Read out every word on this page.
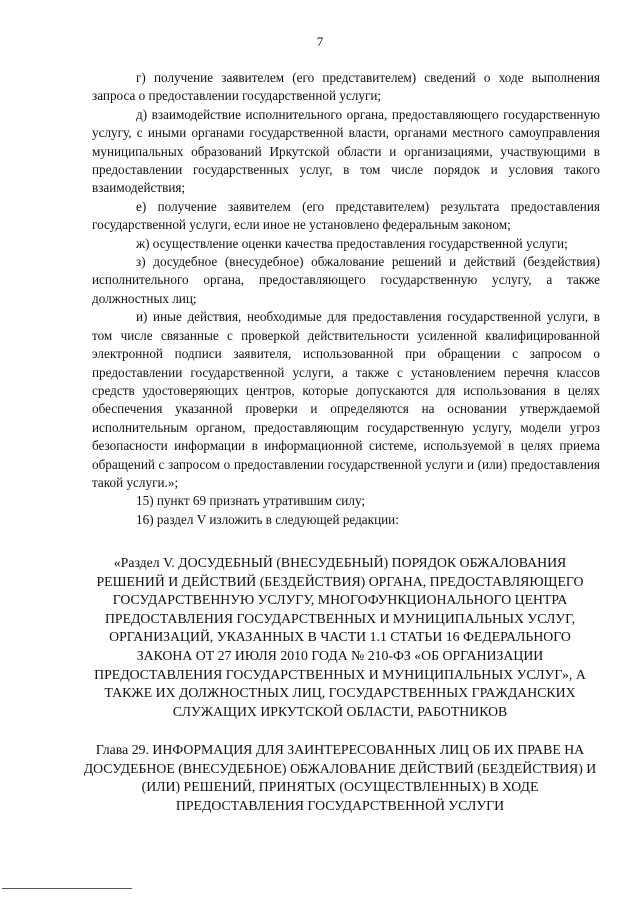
7

г) получение заявителем (его представителем) сведений о ходе выполнения запроса о предоставлении государственной услуги;

д) взаимодействие исполнительного органа, предоставляющего государственную услугу, с иными органами государственной власти, органами местного самоуправления муниципальных образований Иркутской области и организациями, участвующими в предоставлении государственных услуг, в том числе порядок и условия такого взаимодействия;

е) получение заявителем (его представителем) результата предоставления государственной услуги, если иное не установлено федеральным законом;

ж) осуществление оценки качества предоставления государственной услуги;

з) досудебное (внесудебное) обжалование решений и действий (бездействия) исполнительного органа, предоставляющего государственную услугу, а также должностных лиц;

и) иные действия, необходимые для предоставления государственной услуги, в том числе связанные с проверкой действительности усиленной квалифицированной электронной подписи заявителя, использованной при обращении с запросом о предоставлении государственной услуги, а также с установлением перечня классов средств удостоверяющих центров, которые допускаются для использования в целях обеспечения указанной проверки и определяются на основании утверждаемой исполнительным органом, предоставляющим государственную услугу, модели угроз безопасности информации в информационной системе, используемой в целях приема обращений с запросом о предоставлении государственной услуги и (или) предоставления такой услуги.»;

15) пункт 69 признать утратившим силу;

16) раздел V изложить в следующей редакции:

«Раздел V. ДОСУДЕБНЫЙ (ВНЕСУДЕБНЫЙ) ПОРЯДОК ОБЖАЛОВАНИЯ РЕШЕНИЙ И ДЕЙСТВИЙ (БЕЗДЕЙСТВИЯ) ОРГАНА, ПРЕДОСТАВЛЯЮЩЕГО ГОСУДАРСТВЕННУЮ УСЛУГУ, МНОГОФУНКЦИОНАЛЬНОГО ЦЕНТРА ПРЕДОСТАВЛЕНИЯ ГОСУДАРСТВЕННЫХ И МУНИЦИПАЛЬНЫХ УСЛУГ, ОРГАНИЗАЦИЙ, УКАЗАННЫХ В ЧАСТИ 1.1 СТАТЬИ 16 ФЕДЕРАЛЬНОГО ЗАКОНА ОТ 27 ИЮЛЯ 2010 ГОДА № 210-ФЗ «ОБ ОРГАНИЗАЦИИ ПРЕДОСТАВЛЕНИЯ ГОСУДАРСТВЕННЫХ И МУНИЦИПАЛЬНЫХ УСЛУГ», А ТАКЖЕ ИХ ДОЛЖНОСТНЫХ ЛИЦ, ГОСУДАРСТВЕННЫХ ГРАЖДАНСКИХ СЛУЖАЩИХ ИРКУТСКОЙ ОБЛАСТИ, РАБОТНИКОВ
Глава 29. ИНФОРМАЦИЯ ДЛЯ ЗАИНТЕРЕСОВАННЫХ ЛИЦ ОБ ИХ ПРАВЕ НА ДОСУДЕБНОЕ (ВНЕСУДЕБНОЕ) ОБЖАЛОВАНИЕ ДЕЙСТВИЙ (БЕЗДЕЙСТВИЯ) И (ИЛИ) РЕШЕНИЙ, ПРИНЯТЫХ (ОСУЩЕСТВЛЕННЫХ) В ХОДЕ ПРЕДОСТАВЛЕНИЯ ГОСУДАРСТВЕННОЙ УСЛУГИ
